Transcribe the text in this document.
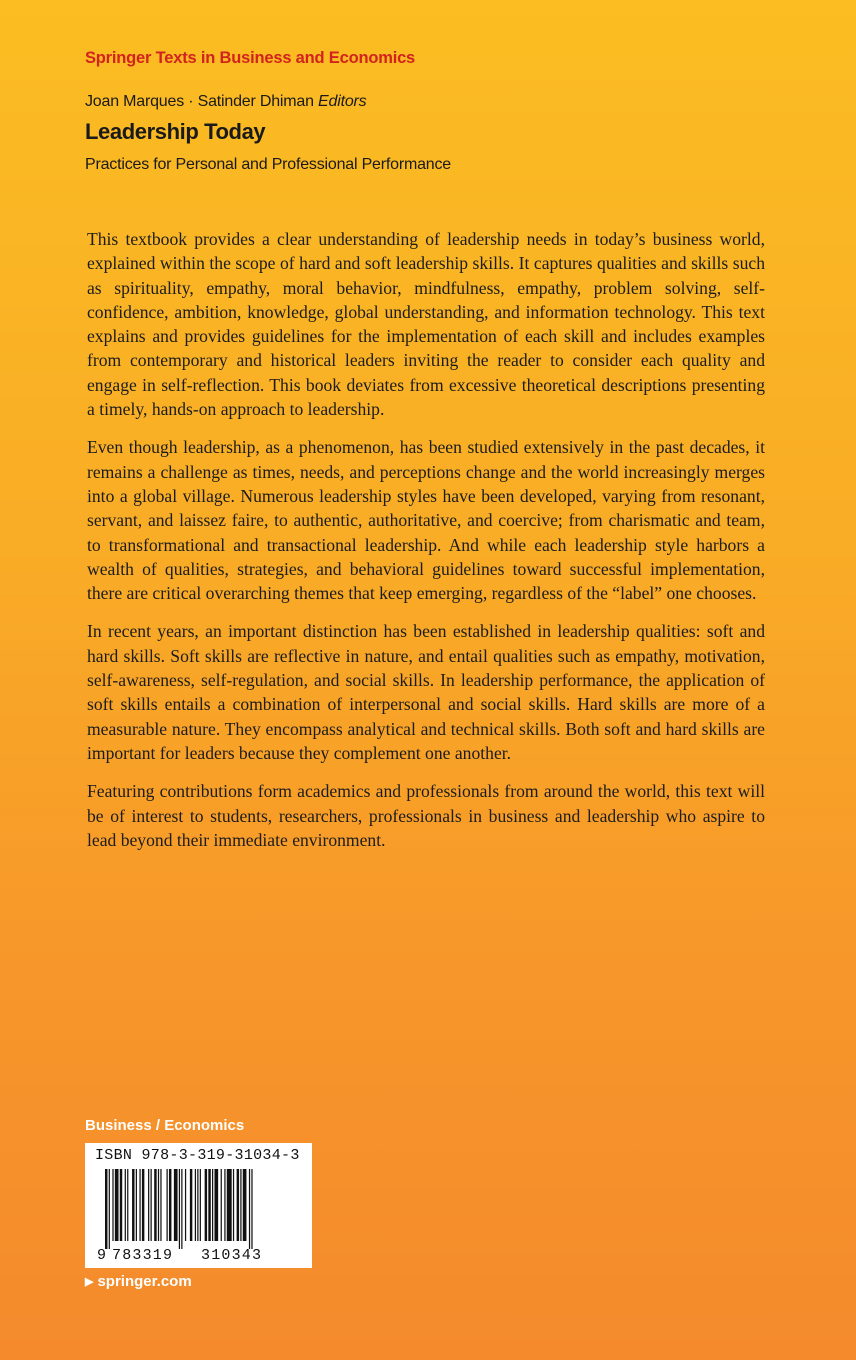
Springer Texts in Business and Economics
Joan Marques · Satinder Dhiman Editors
Leadership Today
Practices for Personal and Professional Performance

This textbook provides a clear understanding of leadership needs in today’s business world, explained within the scope of hard and soft leadership skills. It captures qualities and skills such as spirituality, empathy, moral behavior, mindfulness, empathy, problem solving, self-confidence, ambition, knowledge, global understanding, and information technology. This text explains and provides guidelines for the implementation of each skill and includes examples from contemporary and historical leaders inviting the reader to consider each quality and engage in self-reflection. This book deviates from excessive theoretical descriptions presenting a timely, hands-on approach to leadership.

Even though leadership, as a phenomenon, has been studied extensively in the past decades, it remains a challenge as times, needs, and perceptions change and the world increasingly merges into a global village. Numerous leadership styles have been developed, varying from resonant, servant, and laissez faire, to authentic, authoritative, and coercive; from charismatic and team, to transformational and transactional leadership. And while each leadership style harbors a wealth of qualities, strategies, and behavioral guidelines toward successful implementation, there are critical overarching themes that keep emerging, regardless of the “label” one chooses.

In recent years, an important distinction has been established in leadership qualities: soft and hard skills. Soft skills are reflective in nature, and entail qualities such as empathy, motivation, self-awareness, self-regulation, and social skills. In leadership performance, the application of soft skills entails a combination of interpersonal and social skills. Hard skills are more of a measurable nature. They encompass analytical and technical skills. Both soft and hard skills are important for leaders because they complement one another.

Featuring contributions form academics and professionals from around the world, this text will be of interest to students, researchers, professionals in business and leadership who aspire to lead beyond their immediate environment.

Business / Economics
ISBN 978-3-319-31034-3
9 783319 310343
▶ springer.com
